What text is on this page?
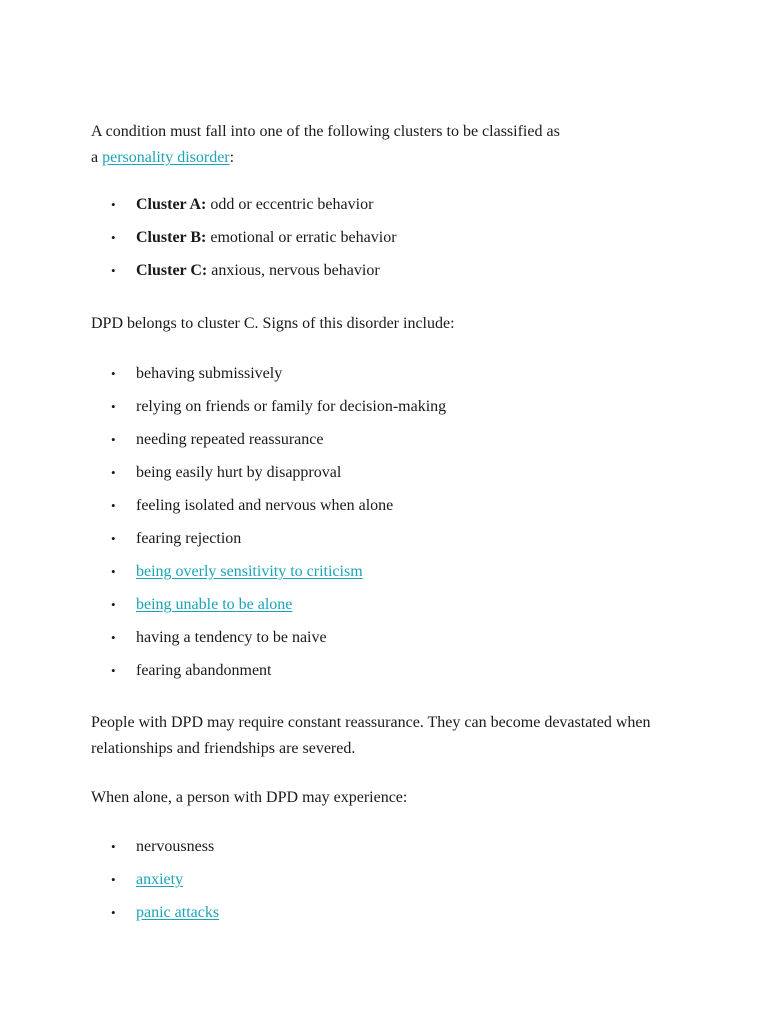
A condition must fall into one of the following clusters to be classified as
a personality disorder:

• Cluster A: odd or eccentric behavior
• Cluster B: emotional or erratic behavior
• Cluster C: anxious, nervous behavior

DPD belongs to cluster C. Signs of this disorder include:

• behaving submissively
• relying on friends or family for decision-making
• needing repeated reassurance
• being easily hurt by disapproval
• feeling isolated and nervous when alone
• fearing rejection
• being overly sensitivity to criticism
• being unable to be alone
• having a tendency to be naive
• fearing abandonment

People with DPD may require constant reassurance. They can become devastated when relationships and friendships are severed.

When alone, a person with DPD may experience:

• nervousness
• anxiety
• panic attacks
